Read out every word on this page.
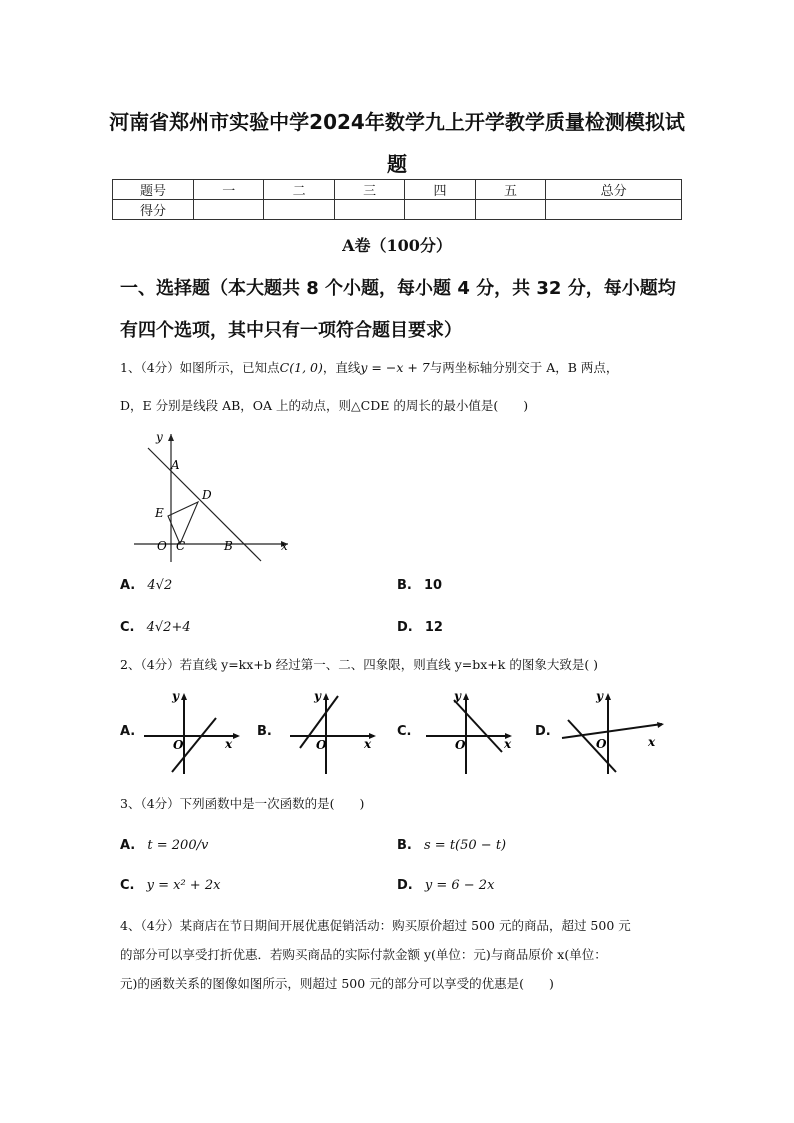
河南省郑州市实验中学2024年数学九上开学教学质量检测模拟试
题
题号	一	二	三	四	五	总分
得分						
A卷（100分）
一、选择题（本大题共 8 个小题，每小题 4 分，共 32 分，每小题均
有四个选项，其中只有一项符合题目要求）
1、（4分）如图所示，已知点C(1, 0)，直线y = −x + 7与两坐标轴分别交于 A，B 两点，
D，E 分别是线段 AB，OA 上的动点，则△CDE 的周长的最小值是(　　)
y
x
A
D
E
O C	B
A. 4√2	B. 10
C. 4√2+4	D. 12
2、（4分）若直线 y=kx+b 经过第一、二、四象限，则直线 y=bx+k 的图象大致是( )
A.
y
x
O
B.
y
x
O
C.
y
x
O
D.
y
x
O
3、（4分）下列函数中是一次函数的是(　　)
A. t = 200/v	B. s = t(50 − t)
C. y = x² + 2x	D. y = 6 − 2x
4、（4分）某商店在节日期间开展优惠促销活动：购买原价超过 500 元的商品，超过 500 元
的部分可以享受打折优惠．若购买商品的实际付款金额 y(单位：元)与商品原价 x(单位：
元)的函数关系的图像如图所示，则超过 500 元的部分可以享受的优惠是(　　)
